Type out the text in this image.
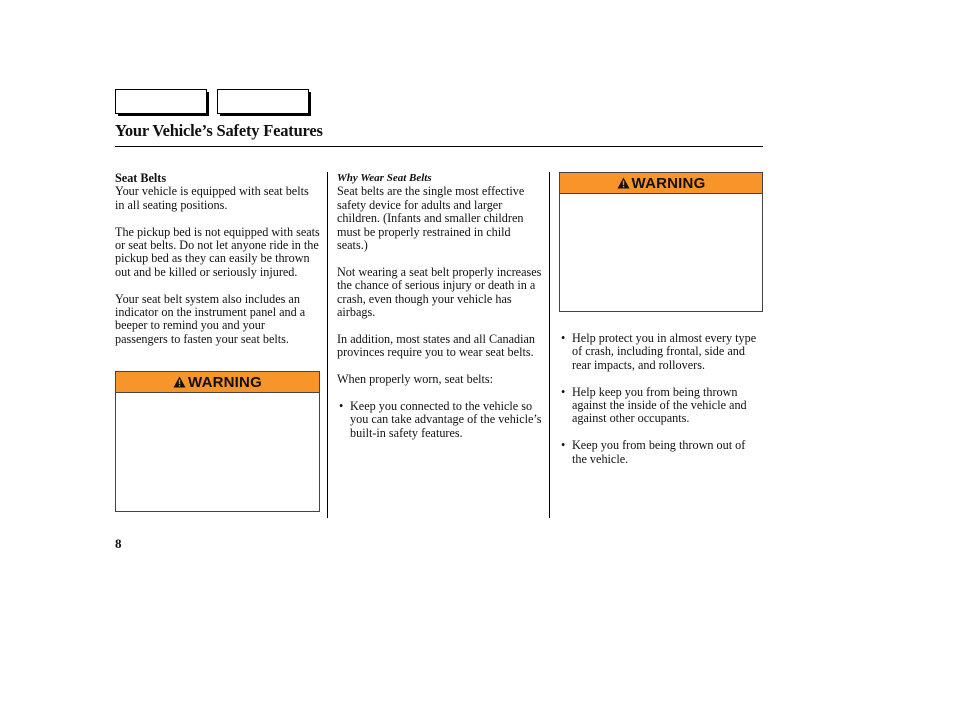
Your Vehicle’s Safety Features
Seat Belts

Your vehicle is equipped with seat belts in all seating positions.

The pickup bed is not equipped with seats or seat belts. Do not let anyone ride in the pickup bed as they can easily be thrown out and be killed or seriously injured.

Your seat belt system also includes an indicator on the instrument panel and a beeper to remind you and your passengers to fasten your seat belts.

WARNING
Why Wear Seat Belts

Seat belts are the single most effective safety device for adults and larger children. (Infants and smaller children must be properly restrained in child seats.)

Not wearing a seat belt properly increases the chance of serious injury or death in a crash, even though your vehicle has airbags.

In addition, most states and all Canadian provinces require you to wear seat belts.

When properly worn, seat belts:

• Keep you connected to the vehicle so you can take advantage of the vehicle’s built-in safety features.
WARNING
• Help protect you in almost every type of crash, including frontal, side and rear impacts, and rollovers.
• Help keep you from being thrown against the inside of the vehicle and against other occupants.
• Keep you from being thrown out of the vehicle.
8
